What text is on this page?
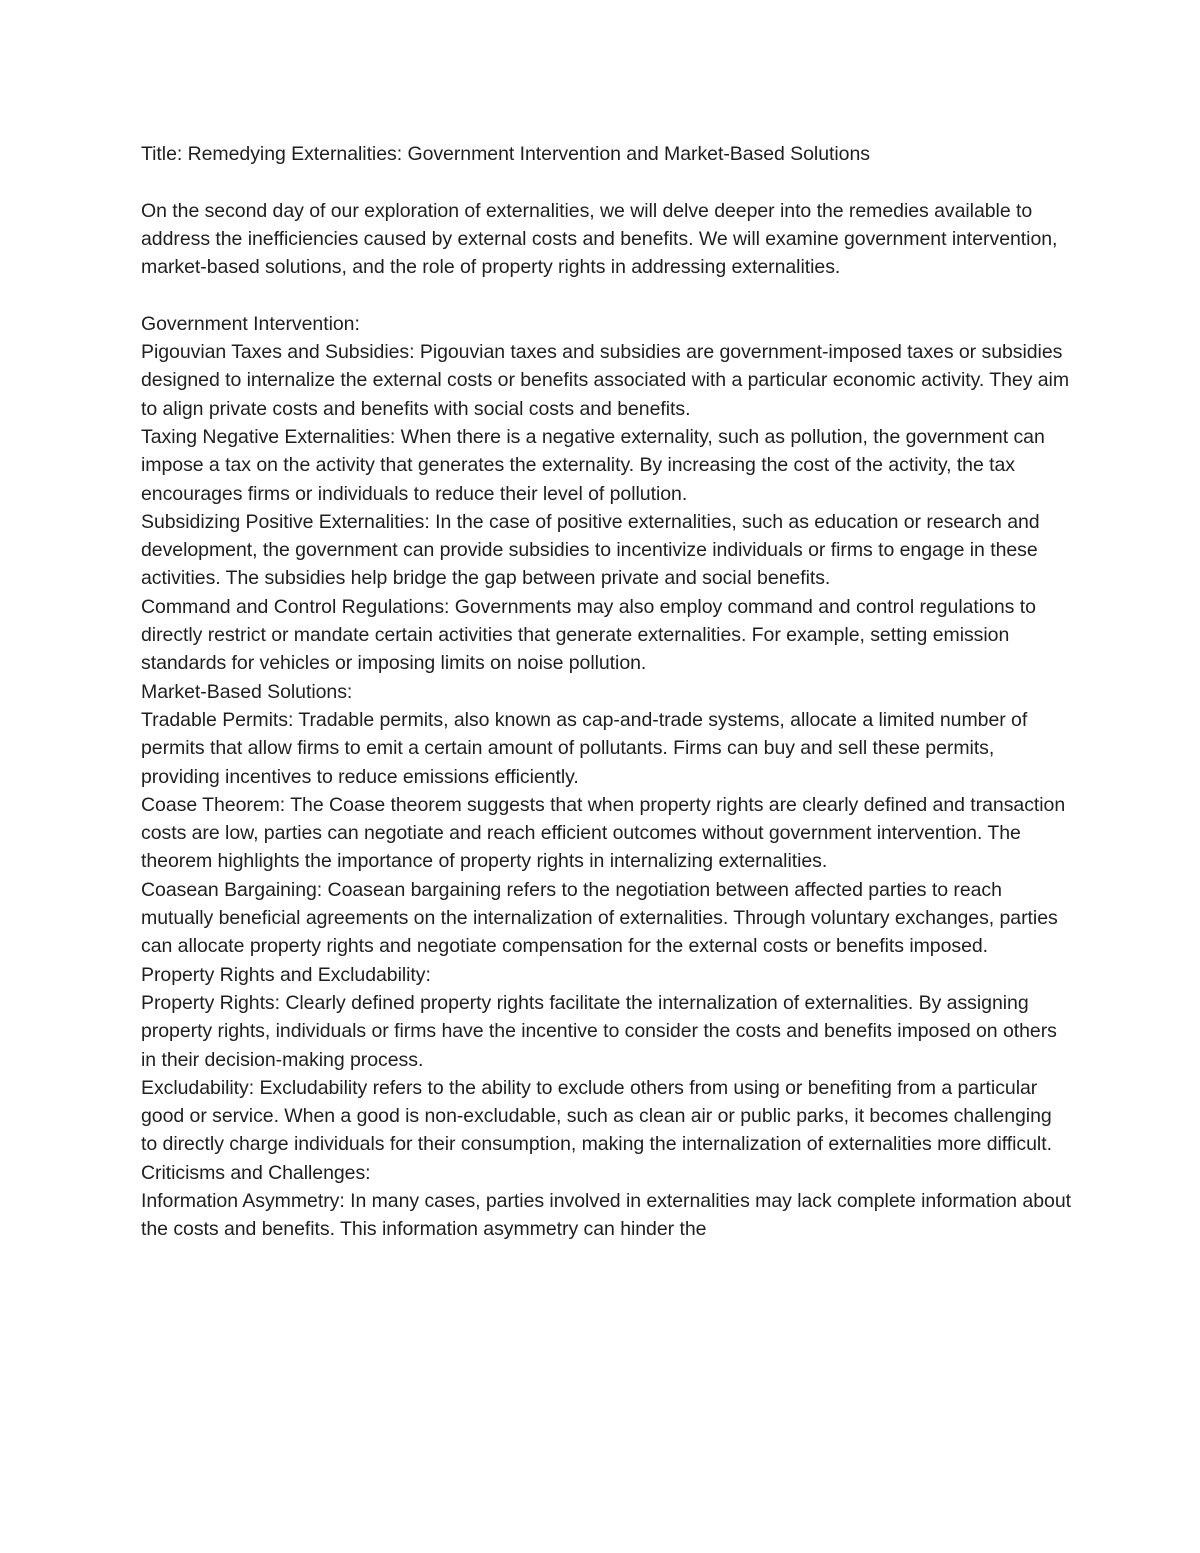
Title: Remedying Externalities: Government Intervention and Market-Based Solutions

On the second day of our exploration of externalities, we will delve deeper into the remedies available to address the inefficiencies caused by external costs and benefits. We will examine government intervention, market-based solutions, and the role of property rights in addressing externalities.

Government Intervention:

Pigouvian Taxes and Subsidies: Pigouvian taxes and subsidies are government-imposed taxes or subsidies designed to internalize the external costs or benefits associated with a particular economic activity. They aim to align private costs and benefits with social costs and benefits.

Taxing Negative Externalities: When there is a negative externality, such as pollution, the government can impose a tax on the activity that generates the externality. By increasing the cost of the activity, the tax encourages firms or individuals to reduce their level of pollution.

Subsidizing Positive Externalities: In the case of positive externalities, such as education or research and development, the government can provide subsidies to incentivize individuals or firms to engage in these activities. The subsidies help bridge the gap between private and social benefits.

Command and Control Regulations: Governments may also employ command and control regulations to directly restrict or mandate certain activities that generate externalities. For example, setting emission standards for vehicles or imposing limits on noise pollution.

Market-Based Solutions:

Tradable Permits: Tradable permits, also known as cap-and-trade systems, allocate a limited number of permits that allow firms to emit a certain amount of pollutants. Firms can buy and sell these permits, providing incentives to reduce emissions efficiently.

Coase Theorem: The Coase theorem suggests that when property rights are clearly defined and transaction costs are low, parties can negotiate and reach efficient outcomes without government intervention. The theorem highlights the importance of property rights in internalizing externalities.

Coasean Bargaining: Coasean bargaining refers to the negotiation between affected parties to reach mutually beneficial agreements on the internalization of externalities. Through voluntary exchanges, parties can allocate property rights and negotiate compensation for the external costs or benefits imposed.

Property Rights and Excludability:

Property Rights: Clearly defined property rights facilitate the internalization of externalities. By assigning property rights, individuals or firms have the incentive to consider the costs and benefits imposed on others in their decision-making process.

Excludability: Excludability refers to the ability to exclude others from using or benefiting from a particular good or service. When a good is non-excludable, such as clean air or public parks, it becomes challenging to directly charge individuals for their consumption, making the internalization of externalities more difficult.

Criticisms and Challenges:

Information Asymmetry: In many cases, parties involved in externalities may lack complete information about the costs and benefits. This information asymmetry can hinder the
